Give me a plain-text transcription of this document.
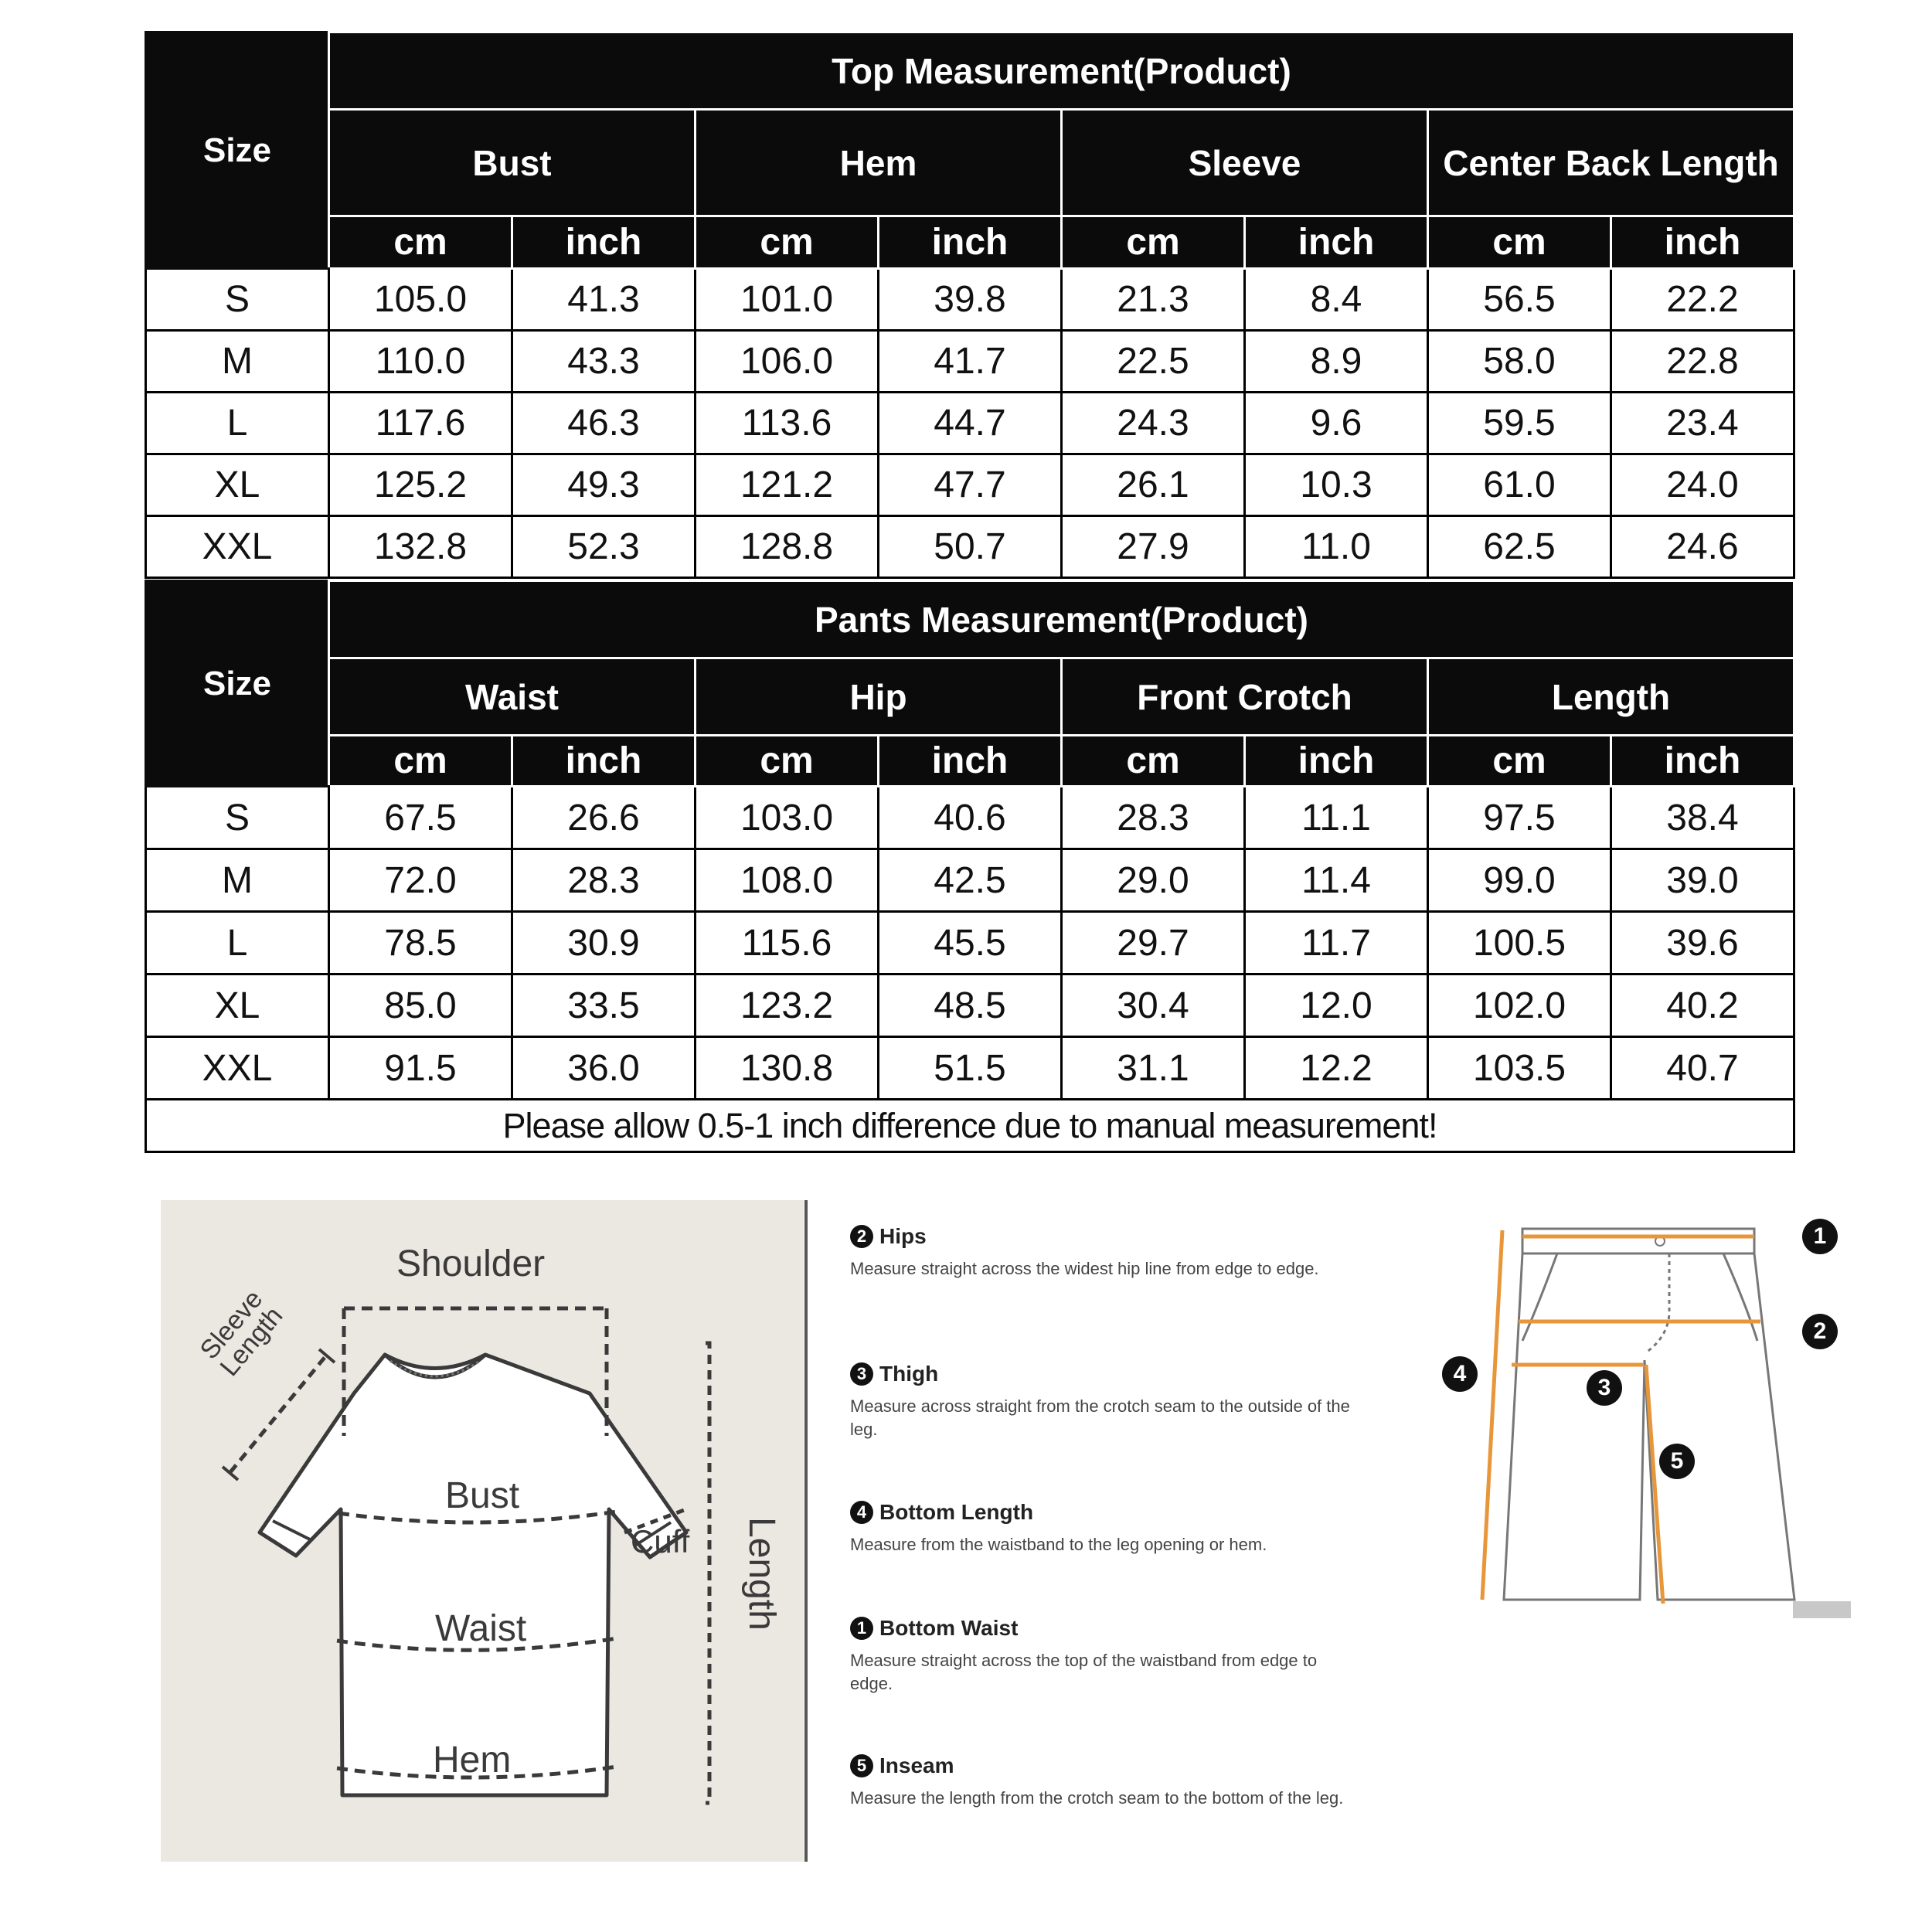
Size	Top Measurement(Product)							
	Bust		Hem		Sleeve		Center Back Length	
	cm	inch	cm	inch	cm	inch	cm	inch
S	105.0	41.3	101.0	39.8	21.3	8.4	56.5	22.2
M	110.0	43.3	106.0	41.7	22.5	8.9	58.0	22.8
L	117.6	46.3	113.6	44.7	24.3	9.6	59.5	23.4
XL	125.2	49.3	121.2	47.7	26.1	10.3	61.0	24.0
XXL	132.8	52.3	128.8	50.7	27.9	11.0	62.5	24.6
Size	Pants Measurement(Product)							
	Waist		Hip		Front Crotch		Length	
	cm	inch	cm	inch	cm	inch	cm	inch
S	67.5	26.6	103.0	40.6	28.3	11.1	97.5	38.4
M	72.0	28.3	108.0	42.5	29.0	11.4	99.0	39.0
L	78.5	30.9	115.6	45.5	29.7	11.7	100.5	39.6
XL	85.0	33.5	123.2	48.5	30.4	12.0	102.0	40.2
XXL	91.5	36.0	130.8	51.5	31.1	12.2	103.5	40.7
Please allow 0.5-1 inch difference due to manual measurement!								
Shoulder
Sleeve
Length
Bust
Cuff
Waist
Hem
Length
2 Hips
Measure straight across the widest hip line from edge to edge.
3 Thigh
Measure across straight from the crotch seam to the outside of the leg.
4 Bottom Length
Measure from the waistband to the leg opening or hem.
1 Bottom Waist
Measure straight across the top of the waistband from edge to edge.
5 Inseam
Measure the length from the crotch seam to the bottom of the leg.
1
2
3
4
5
